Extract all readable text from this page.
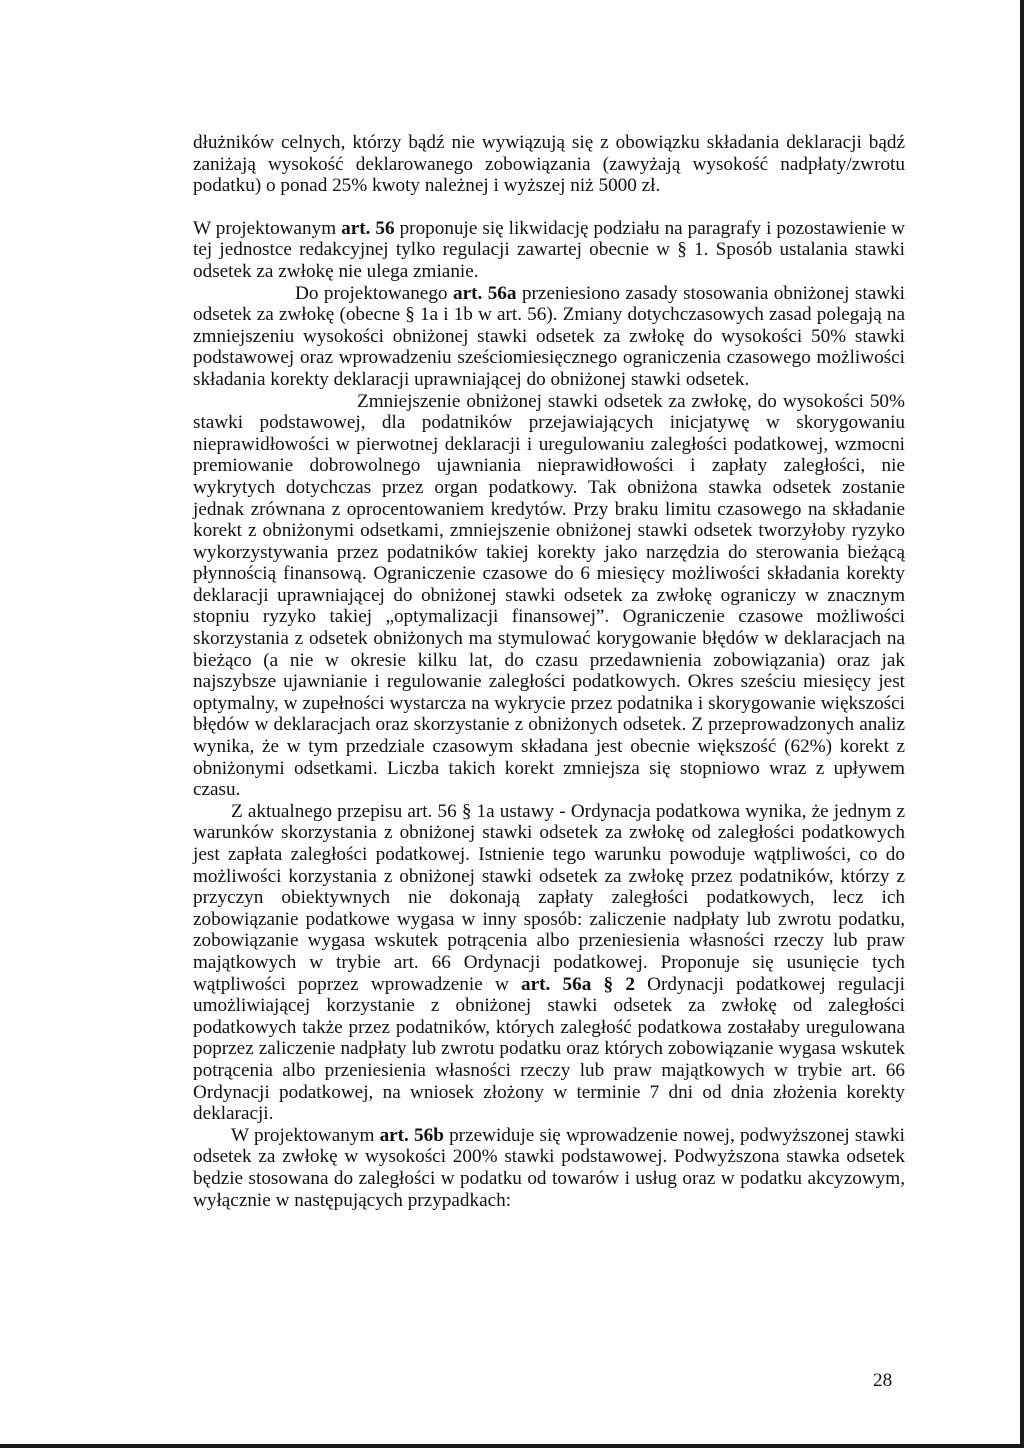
dłużników celnych, którzy bądź nie wywiązują się z obowiązku składania deklaracji bądź zaniżają wysokość deklarowanego zobowiązania (zawyżają wysokość nadpłaty/zwrotu podatku) o ponad 25% kwoty należnej i wyższej niż 5000 zł.

W projektowanym art. 56 proponuje się likwidację podziału na paragrafy i pozostawienie w tej jednostce redakcyjnej tylko regulacji zawartej obecnie w § 1. Sposób ustalania stawki odsetek za zwłokę nie ulega zmianie.

Do projektowanego art. 56a przeniesiono zasady stosowania obniżonej stawki odsetek za zwłokę (obecne § 1a i 1b w art. 56). Zmiany dotychczasowych zasad polegają na zmniejszeniu wysokości obniżonej stawki odsetek za zwłokę do wysokości 50% stawki podstawowej oraz wprowadzeniu sześciomiesięcznego ograniczenia czasowego możliwości składania korekty deklaracji uprawniającej do obniżonej stawki odsetek.

Zmniejszenie obniżonej stawki odsetek za zwłokę, do wysokości 50% stawki podstawowej, dla podatników przejawiających inicjatywę w skorygowaniu nieprawidłowości w pierwotnej deklaracji i uregulowaniu zaległości podatkowej, wzmocni premiowanie dobrowolnego ujawniania nieprawidłowości i zapłaty zaległości, nie wykrytych dotychczas przez organ podatkowy. Tak obniżona stawka odsetek zostanie jednak zrównana z oprocentowaniem kredytów. Przy braku limitu czasowego na składanie korekt z obniżonymi odsetkami, zmniejszenie obniżonej stawki odsetek tworzyłoby ryzyko wykorzystywania przez podatników takiej korekty jako narzędzia do sterowania bieżącą płynnością finansową. Ograniczenie czasowe do 6 miesięcy możliwości składania korekty deklaracji uprawniającej do obniżonej stawki odsetek za zwłokę ograniczy w znacznym stopniu ryzyko takiej „optymalizacji finansowej”. Ograniczenie czasowe możliwości skorzystania z odsetek obniżonych ma stymulować korygowanie błędów w deklaracjach na bieżąco (a nie w okresie kilku lat, do czasu przedawnienia zobowiązania) oraz jak najszybsze ujawnianie i regulowanie zaległości podatkowych. Okres sześciu miesięcy jest optymalny, w zupełności wystarcza na wykrycie przez podatnika i skorygowanie większości błędów w deklaracjach oraz skorzystanie z obniżonych odsetek. Z przeprowadzonych analiz wynika, że w tym przedziale czasowym składana jest obecnie większość (62%) korekt z obniżonymi odsetkami. Liczba takich korekt zmniejsza się stopniowo wraz z upływem czasu.

Z aktualnego przepisu art. 56 § 1a ustawy - Ordynacja podatkowa wynika, że jednym z warunków skorzystania z obniżonej stawki odsetek za zwłokę od zaległości podatkowych jest zapłata zaległości podatkowej. Istnienie tego warunku powoduje wątpliwości, co do możliwości korzystania z obniżonej stawki odsetek za zwłokę przez podatników, którzy z przyczyn obiektywnych nie dokonają zapłaty zaległości podatkowych, lecz ich zobowiązanie podatkowe wygasa w inny sposób: zaliczenie nadpłaty lub zwrotu podatku, zobowiązanie wygasa wskutek potrącenia albo przeniesienia własności rzeczy lub praw majątkowych w trybie art. 66 Ordynacji podatkowej. Proponuje się usunięcie tych wątpliwości poprzez wprowadzenie w art. 56a § 2 Ordynacji podatkowej regulacji umożliwiającej korzystanie z obniżonej stawki odsetek za zwłokę od zaległości podatkowych także przez podatników, których zaległość podatkowa zostałaby uregulowana poprzez zaliczenie nadpłaty lub zwrotu podatku oraz których zobowiązanie wygasa wskutek potrącenia albo przeniesienia własności rzeczy lub praw majątkowych w trybie art. 66 Ordynacji podatkowej, na wniosek złożony w terminie 7 dni od dnia złożenia korekty deklaracji.

W projektowanym art. 56b przewiduje się wprowadzenie nowej, podwyższonej stawki odsetek za zwłokę w wysokości 200% stawki podstawowej. Podwyższona stawka odsetek będzie stosowana do zaległości w podatku od towarów i usług oraz w podatku akcyzowym, wyłącznie w następujących przypadkach:

28
